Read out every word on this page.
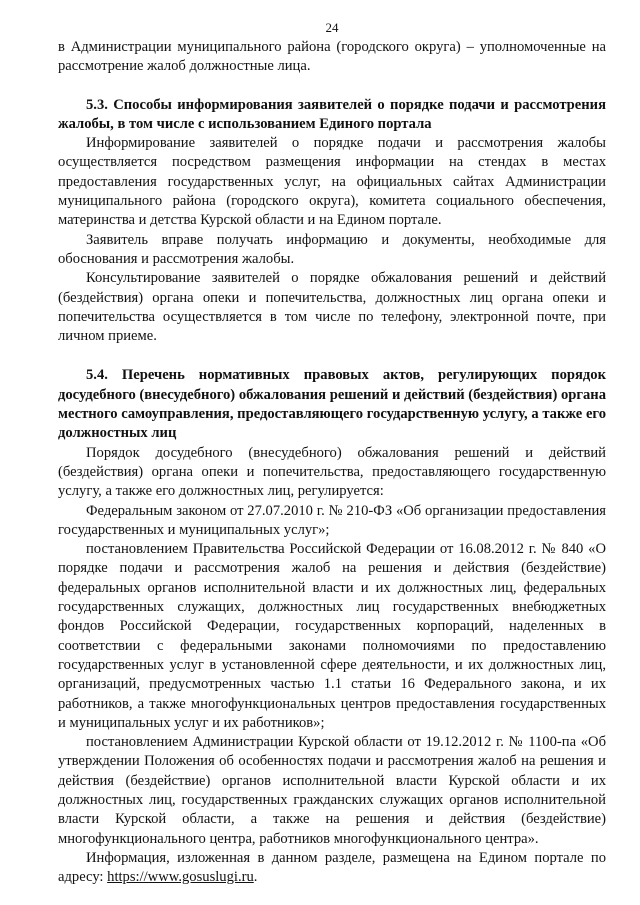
24

в Администрации муниципального района (городского округа) – уполномоченные на рассмотрение жалоб должностные лица.

5.3. Способы информирования заявителей о порядке подачи и рассмотрения жалобы, в том числе с использованием Единого портала

Информирование заявителей о порядке подачи и рассмотрения жалобы осуществляется посредством размещения информации на стендах в местах предоставления государственных услуг, на официальных сайтах Администрации муниципального района (городского округа), комитета социального обеспечения, материнства и детства Курской области и на Едином портале.

Заявитель вправе получать информацию и документы, необходимые для обоснования и рассмотрения жалобы.

Консультирование заявителей о порядке обжалования решений и действий (бездействия) органа опеки и попечительства, должностных лиц органа опеки и попечительства осуществляется в том числе по телефону, электронной почте, при личном приеме.

5.4. Перечень нормативных правовых актов, регулирующих порядок досудебного (внесудебного) обжалования решений и действий (бездействия) органа местного самоуправления, предоставляющего государственную услугу, а также его должностных лиц

Порядок досудебного (внесудебного) обжалования решений и действий (бездействия) органа опеки и попечительства, предоставляющего государственную услугу, а также его должностных лиц, регулируется:

Федеральным законом от 27.07.2010 г. № 210-ФЗ «Об организации предоставления государственных и муниципальных услуг»;

постановлением Правительства Российской Федерации от 16.08.2012 г. № 840 «О порядке подачи и рассмотрения жалоб на решения и действия (бездействие) федеральных органов исполнительной власти и их должностных лиц, федеральных государственных служащих, должностных лиц государственных внебюджетных фондов Российской Федерации, государственных корпораций, наделенных в соответствии с федеральными законами полномочиями по предоставлению государственных услуг в установленной сфере деятельности, и их должностных лиц, организаций, предусмотренных частью 1.1 статьи 16 Федерального закона, и их работников, а также многофункциональных центров предоставления государственных и муниципальных услуг и их работников»;

постановлением Администрации Курской области от 19.12.2012 г. № 1100-па «Об утверждении Положения об особенностях подачи и рассмотрения жалоб на решения и действия (бездействие) органов исполнительной власти Курской области и их должностных лиц, государственных гражданских служащих органов исполнительной власти Курской области, а также на решения и действия (бездействие) многофункционального центра, работников многофункционального центра».

Информация, изложенная в данном разделе, размещена на Едином портале по адресу: https://www.gosuslugi.ru.
